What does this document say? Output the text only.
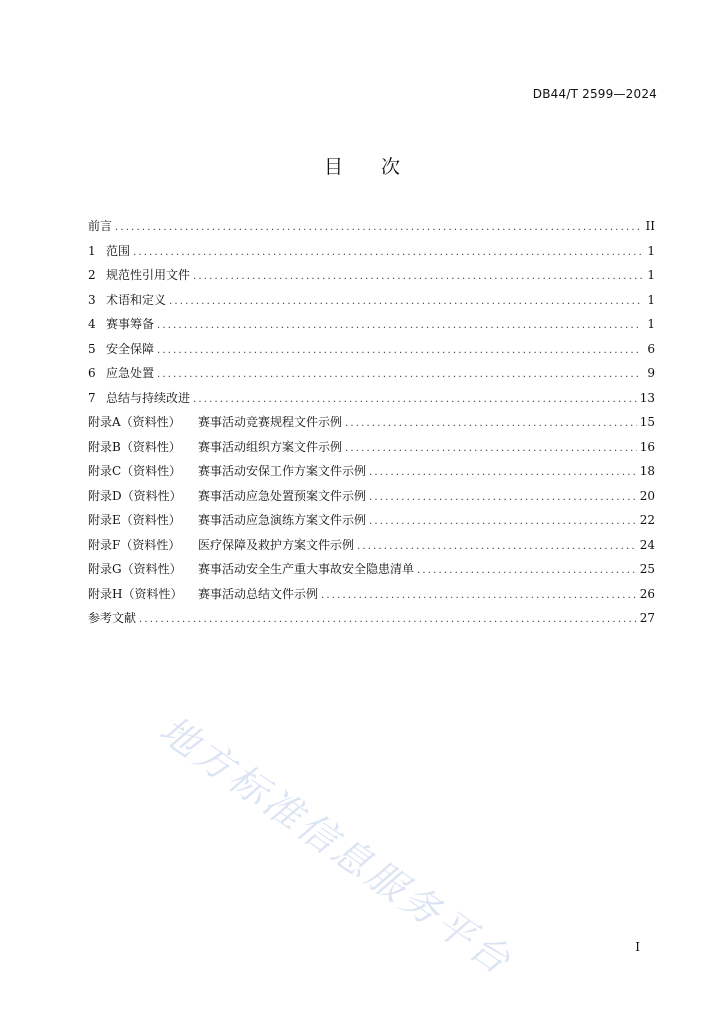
DB44/T 2599—2024
目 次
前言 .....	II
1 范围 .....	1
2 规范性引用文件 .....	1
3 术语和定义 .....	1
4 赛事筹备 .....	1
5 安全保障 .....	6
6 应急处置 .....	9
7 总结与持续改进 .....	13
附录A（资料性） 赛事活动竞赛规程文件示例 .....	15
附录B（资料性） 赛事活动组织方案文件示例 .....	16
附录C（资料性） 赛事活动安保工作方案文件示例 .....	18
附录D（资料性） 赛事活动应急处置预案文件示例 .....	20
附录E（资料性） 赛事活动应急演练方案文件示例 .....	22
附录F（资料性） 医疗保障及救护方案文件示例 .....	24
附录G（资料性） 赛事活动安全生产重大事故安全隐患清单 .....	25
附录H（资料性） 赛事活动总结文件示例 .....	26
参考文献 .....	27
地方标准信息服务平台	I
